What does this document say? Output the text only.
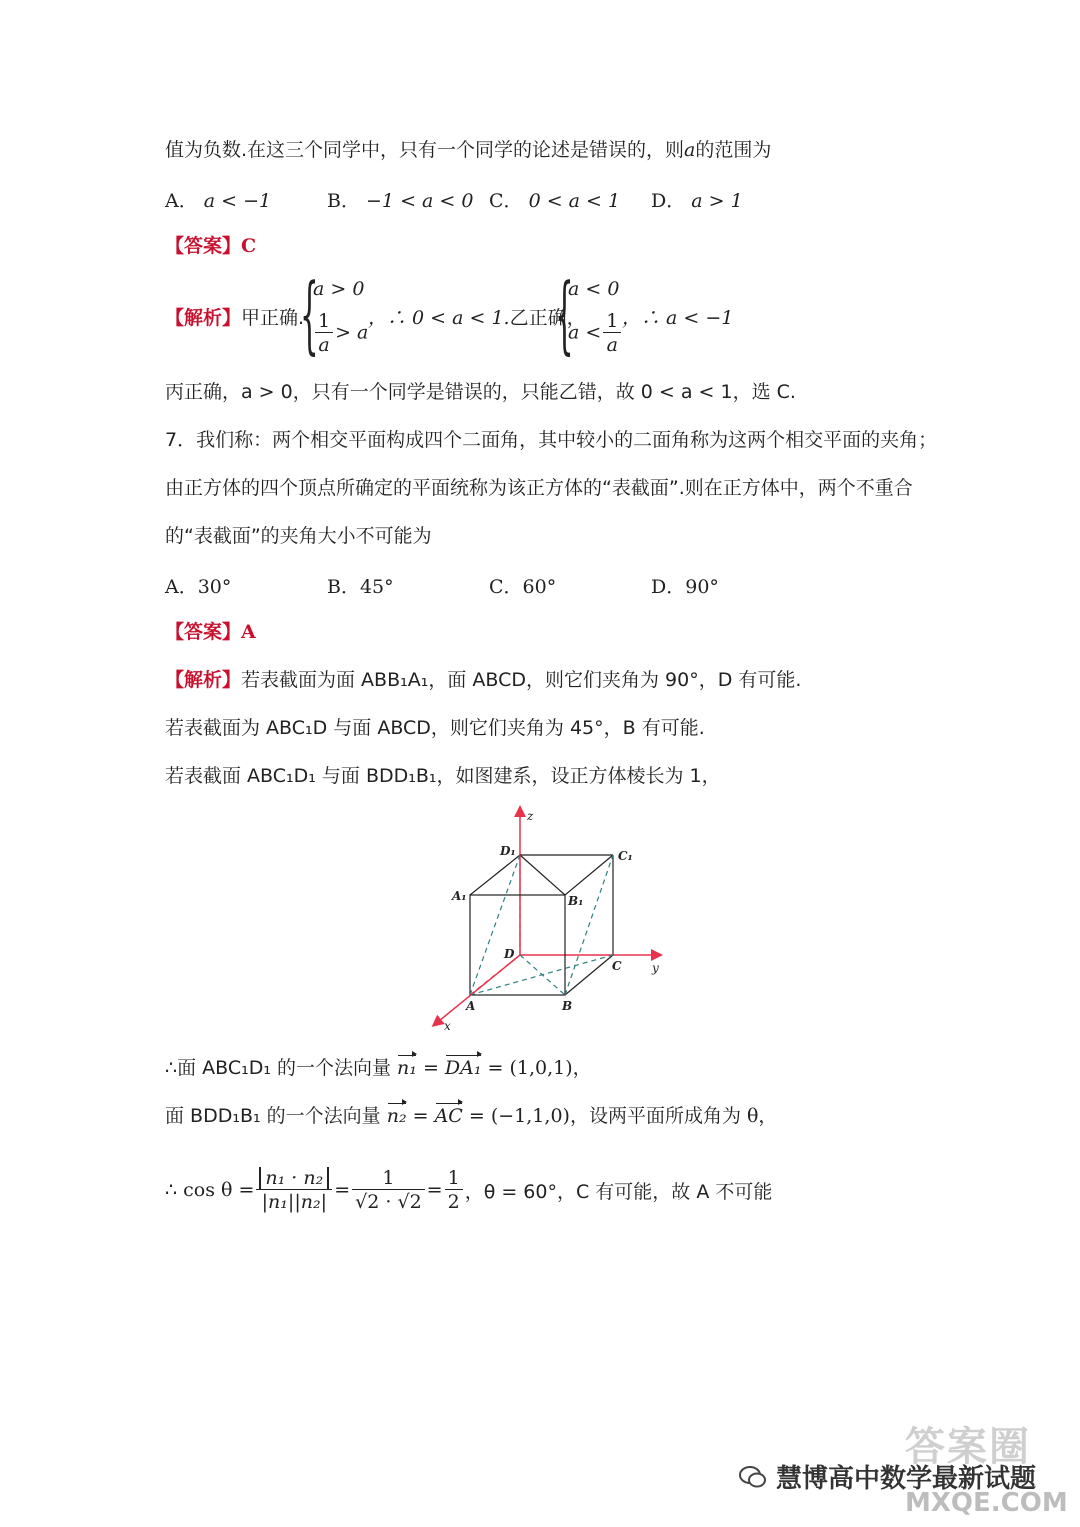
值为负数.在这三个同学中，只有一个同学的论述是错误的，则a的范围为
A． a < −1	B． −1 < a < 0 C． 0 < a < 1 D． a > 1
【答案】C
【解析】甲正确.
{
a > 0
$\frac{1}{a} > a$
，∴ 0 < a < 1.乙正确，
{
a < 0
$a < \frac{1}{a}$ ，∴ a < −1
丙正确，a > 0，只有一个同学是错误的，只能乙错，故 0 < a < 1，选 C.
7．我们称：两个相交平面构成四个二面角，其中较小的二面角称为这两个相交平面的夹角；
由正方体的四个顶点所确定的平面统称为该正方体的“表截面”.则在正方体中，两个不重合
的“表截面”的夹角大小不可能为
A．30°	B．45°	C．60°	D．90°
【答案】A
【解析】若表截面为面 ABB₁A₁，面 ABCD，则它们夹角为 90°，D 有可能.
若表截面为 ABC₁D 与面 ABCD，则它们夹角为 45°，B 有可能.
若表截面 ABC₁D₁ 与面 BDD₁B₁，如图建系，设正方体棱长为 1，
z
D₁	C₁
A₁	B₁
D
C	y
A	B
x
∴面 ABC₁D₁ 的一个法向量 n₁ = DA₁ = (1,0,1)，
面 BDD₁B₁ 的一个法向量 n₂ = AC = (−1,1,0)，设两平面所成角为 θ，
∴ $\cos \theta = \frac{\text{n₁ · n₂}}{\text{|n₁||n₂|}} = \frac{1}{√2 \cdot √2} = \frac{1}{2}$ ，θ = 60°，C 有可能，故 A 不可能
慧博高中数学最新试题
答案圈
MXQE.COM
